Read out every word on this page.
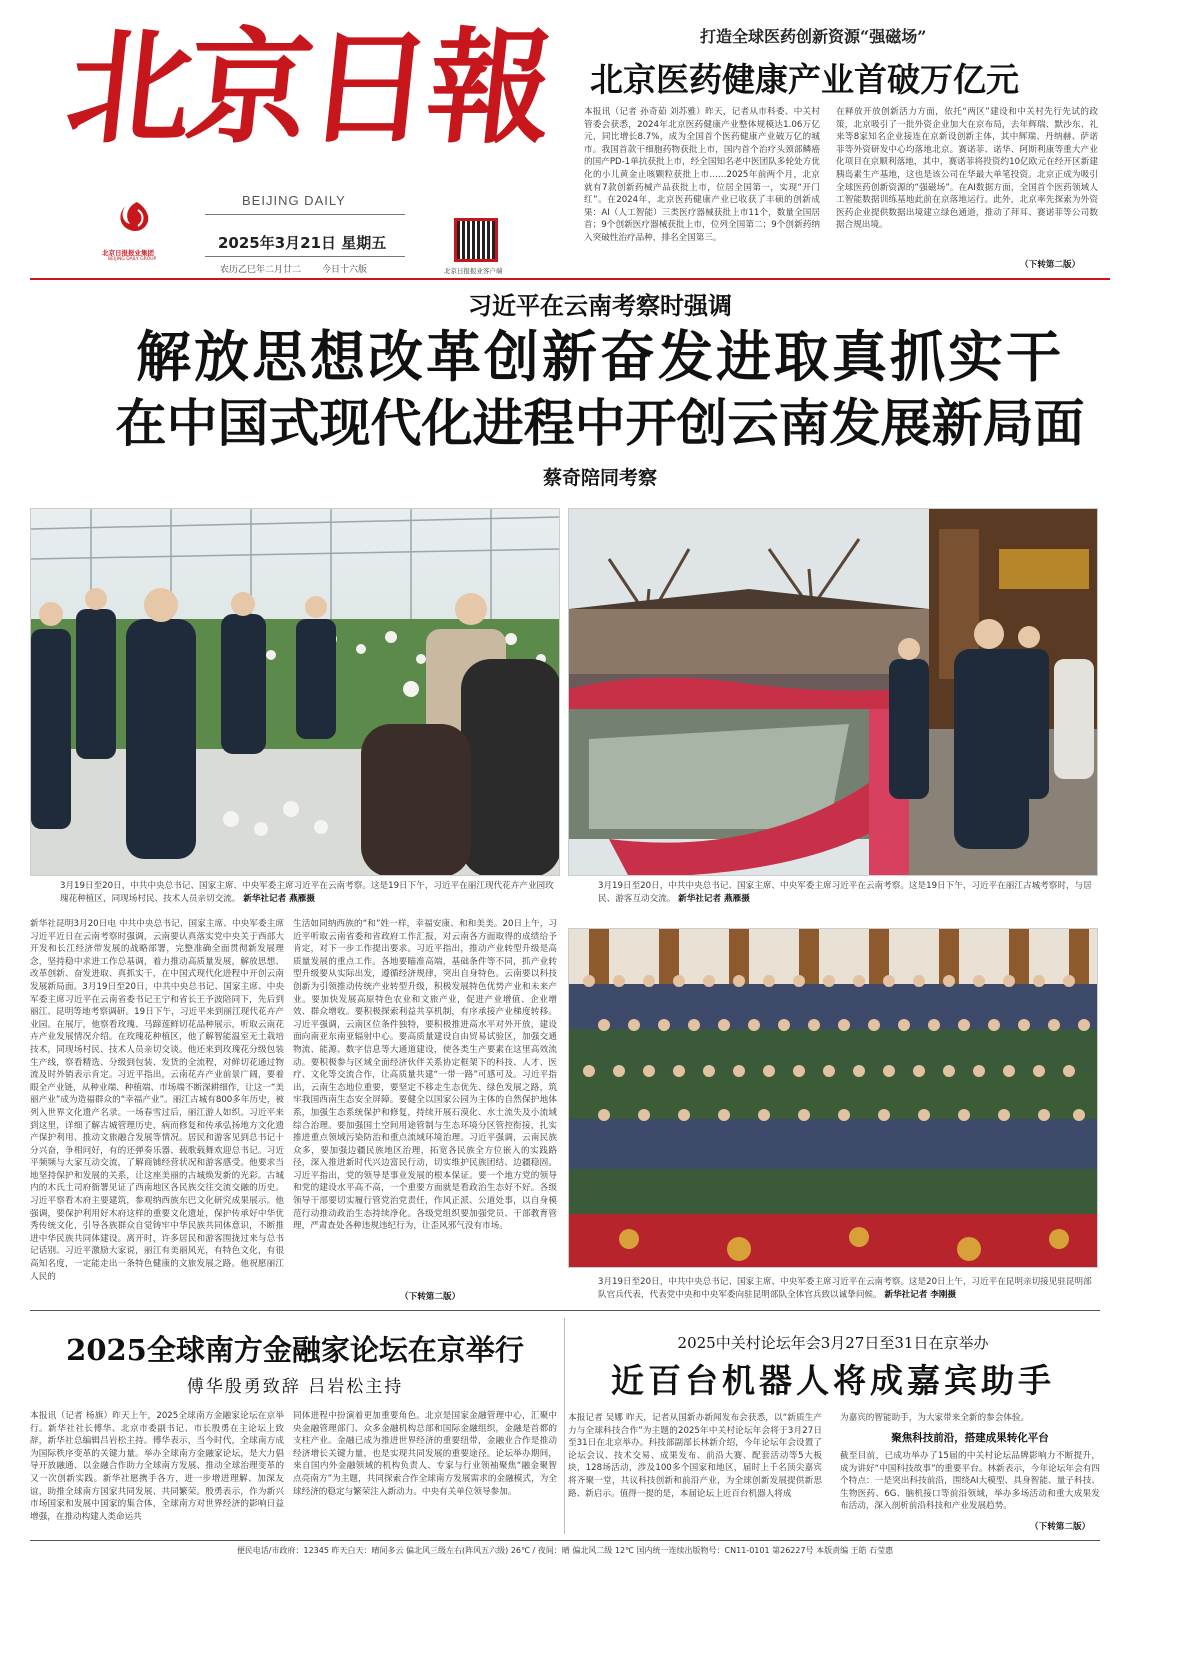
北京日報
BEIJING DAILY
北京日报报业集团
BEIJING DAILY GROUP
2025年3月21日 星期五
农历乙巳年二月廿二 今日十六版	北京日报报业客户端
打造全球医药创新资源“强磁场”
北京医药健康产业首破万亿元
本报讯（记者 孙奇茹 刘苏雅）昨天，记者从市科委、中关村管委会获悉，2024年北京医药健康产业整体规模达1.06万亿元，同比增长8.7%，成为全国首个医药健康产业破万亿的城市。我国首款干细胞药物获批上市，国内首个治疗头颈部鳞癌的国产PD-1单抗获批上市，经全国知名老中医团队多轮处方优化的小儿黄金止咳颗粒获批上市……2025年前两个月，北京就有7款创新药械产品获批上市，位居全国第一，实现“开门红”。在2024年，北京医药健康产业已收获了丰硕的创新成果：AI（人工智能）三类医疗器械获批上市11个，数量全国居首；9个创新医疗器械获批上市，位列全国第二；9个创新药纳入突破性治疗品种，排名全国第三。
在释放开放创新活力方面，依托“两区”建设和中关村先行先试的政策，北京吸引了一批外资企业加大在京布局，去年辉瑞、默沙东、礼来等8家知名企业接连在京新设创新主体，其中辉瑞、丹纳赫、萨诺菲等外资研发中心均落地北京。赛诺菲、诺华、阿斯利康等重大产业化项目在京顺利落地，其中，赛诺菲将投资约10亿欧元在经开区新建胰岛素生产基地，这也是该公司在华最大单笔投资。北京正成为吸引全球医药创新资源的“强磁场”。在AI数据方面，全国首个医药领域人工智能数据训练基地此前在京落地运行。此外，北京率先探索为外资医药企业提供数据出境建立绿色通道，推动了拜耳、赛诺菲等公司数据合规出境。
（下转第二版）
习近平在云南考察时强调
解放思想改革创新奋发进取真抓实干
在中国式现代化进程中开创云南发展新局面
蔡奇陪同考察
3月19日至20日，中共中央总书记、国家主席、中央军委主席习近平在云南考察。这是19日下午，习近平在丽江现代花卉产业园玫瑰花种植区，同现场村民、技术人员亲切交流。 新华社记者 燕雁摄
3月19日至20日，中共中央总书记、国家主席、中央军委主席习近平在云南考察。这是19日下午，习近平在丽江古城考察时，与居民、游客互动交流。 新华社记者 燕雁摄
新华社昆明3月20日电 中共中央总书记、国家主席、中央军委主席习近平近日在云南考察时强调，云南要认真落实党中央关于西部大开发和长江经济带发展的战略部署，完整准确全面贯彻新发展理念，坚持稳中求进工作总基调，着力推动高质量发展，解放思想、改革创新、奋发进取、真抓实干，在中国式现代化进程中开创云南发展新局面。3月19日至20日，中共中央总书记、国家主席、中央军委主席习近平在云南省委书记王宁和省长王予波陪同下，先后到丽江、昆明等地考察调研。19日下午，习近平来到丽江现代花卉产业园。在展厅，他察看玫瑰、马蹄莲鲜切花品种展示，听取云南花卉产业发展情况介绍。在玫瑰花种植区，他了解智能温室无土栽培技术，同现场村民、技术人员亲切交谈。他还来到玫瑰花分级包装生产线，察看精选、分级到包装、发货的全流程，对鲜切花通过物流及时外销表示肯定。习近平指出，云南花卉产业前景广阔，要着眼全产业链，从种业端、种植端、市场端不断深耕细作，让这一“美丽产业”成为造福群众的“幸福产业”。丽江古城有800多年历史，被列入世界文化遗产名录。一场春雪过后，丽江游人如织。习近平来到这里，详细了解古城管理历史，病而修复和传承弘扬地方文化遗产保护利用、推动文旅融合发展等情况。居民和游客见到总书记十分兴奋，争相问好，有的还弹奏乐器、载歌载舞欢迎总书记。习近平频频与大家互动交流，了解商铺经营状况和游客感受。他要求当地坚持保护和发展的关系，让这座美丽的古城焕发新的光彩。古城内的木氏土司府衙署见证了西南地区各民族交往交流交融的历史。习近平察看木府主要建筑，参观纳西族东巴文化研究成果展示。他强调，要保护利用好木府这样的重要文化遗址，保护传承好中华优秀传统文化，引导各族群众自觉铸牢中华民族共同体意识，不断推进中华民族共同体建设。离开时，许多居民和游客围拢过来与总书记话别。习近平激励大家说，丽江有美丽风光，有特色文化，有很高知名度，一定能走出一条特色健康的文旅发展之路。他祝愿丽江人民的
生活如同纳西族的“和”姓一样，幸福安康、和和美美。20日上午，习近平听取云南省委和省政府工作汇报，对云南各方面取得的成绩给予肯定，对下一步工作提出要求。习近平指出，推动产业转型升级是高质量发展的重点工作。各地要瞄准高端，基础条件等不同，抓产业转型升级要从实际出发，遵循经济规律，突出自身特色。云南要以科技创新为引领推动传统产业转型升级，积极发展特色优势产业和未来产业。要加快发展高原特色农业和文旅产业，促进产业增值、企业增效、群众增收。要积极探索利益共享机制，有序承接产业梯度转移。习近平强调，云南区位条件独特，要积极推进高水平对外开放，建设面向南亚东南亚辐射中心。要高质量建设自由贸易试验区，加强交通物流、能源、数字信息等大通道建设，使各类生产要素在这里高效流动。要积极参与区域全面经济伙伴关系协定框架下的科技、人才、医疗、文化等交流合作，让高质量共建“一带一路”可感可及。习近平指出，云南生态地位重要，要坚定不移走生态优先、绿色发展之路，筑牢我国西南生态安全屏障。要健全以国家公园为主体的自然保护地体系，加强生态系统保护和修复，持续开展石漠化、水土流失及小流域综合治理。要加强国土空间用途管制与生态环境分区管控衔接，扎实推进重点领域污染防治和重点流域环境治理。习近平强调，云南民族众多，要加强边疆民族地区治理，拓宽各民族全方位嵌入的实践路径，深入推进新时代兴边富民行动，切实维护民族团结、边疆稳固。习近平指出，党的领导是事业发展的根本保证。要一个地方党的领导和党的建设水平高不高，一个重要方面就是看政治生态好不好。各级领导干部要切实履行管党治党责任，作风正派、公道处事，以自身模范行动推动政治生态持续净化。各级党组织要加强党员、干部教育管理，严肃查处各种违规违纪行为，让歪风邪气没有市场。
（下转第二版）
3月19日至20日，中共中央总书记、国家主席、中央军委主席习近平在云南考察。这是20日上午，习近平在昆明亲切接见驻昆明部队官兵代表，代表党中央和中央军委向驻昆明部队全体官兵致以诚挚问候。 新华社记者 李刚摄
2025全球南方金融家论坛在京举行
傅华殷勇致辞 吕岩松主持
本报讯（记者 杨旗）昨天上午，2025全球南方金融家论坛在京举行。新华社社长傅华、北京市委副书记、市长殷勇在主论坛上致辞，新华社总编辑吕岩松主持。傅华表示，当今时代，全球南方成为国际秩序变革的关键力量。举办全球南方金融家论坛，是大力倡导开放融通、以金融合作助力全球南方发展、推动全球治理变革的又一次创新实践。新华社愿携手各方，进一步增进理解、加深友谊，助推全球南方国家共同发展、共同繁荣。殷勇表示，作为新兴市场国家和发展中国家的集合体，全球南方对世界经济的影响日益增强，在推动构建人类命运共
同体进程中扮演着更加重要角色。北京是国家金融管理中心，汇聚中央金融管理部门、众多金融机构总部和国际金融组织，金融是首都的支柱产业。金融已成为推进世界经济的重要纽带，金融业合作是推动经济增长关键力量，也是实现共同发展的重要途径。论坛举办期间，来自国内外金融领域的机构负责人、专家与行业领袖聚焦“融金聚智 点亮南方”为主题，共同探索合作全球南方发展需求的金融模式，为全球经济的稳定与繁荣注入新动力。中央有关单位领导参加。
2025中关村论坛年会3月27日至31日在京举办
近百台机器人将成嘉宾助手
本报记者 吴娜 昨天，记者从国新办新闻发布会获悉，以“新质生产力与全球科技合作”为主题的2025年中关村论坛年会将于3月27日至31日在北京举办。科技部副部长林新介绍，今年论坛年会设置了论坛会议、技术交易、成果发布、前沿大赛、配套活动等5大板块，128场活动，涉及100多个国家和地区，届时上千名顶尖嘉宾将齐聚一堂，共议科技创新和前沿产业，为全球创新发展提供新思路、新启示。值得一提的是，本届论坛上近百台机器人将成
为嘉宾的智能助手，为大家带来全新的参会体验。
聚焦科技前沿，搭建成果转化平台
截至目前，已成功举办了15届的中关村论坛品牌影响力不断提升，成为讲好“中国科技故事”的重要平台。林新表示，今年论坛年会有四个特点：一是突出科技前沿，围绕AI大模型、具身智能、量子科技、生物医药、6G、脑机接口等前沿领域，举办多场活动和重大成果发布活动，深入剖析前沿科技和产业发展趋势。
（下转第二版）
便民电话/市政府：12345 昨天白天：晴间多云 偏北风三级左右(阵风五六级) 26℃ / 夜间：晴 偏北风二级 12℃ 国内统一连续出版物号：CN11-0101 第26227号 本版责编 王皓 石莹惠
